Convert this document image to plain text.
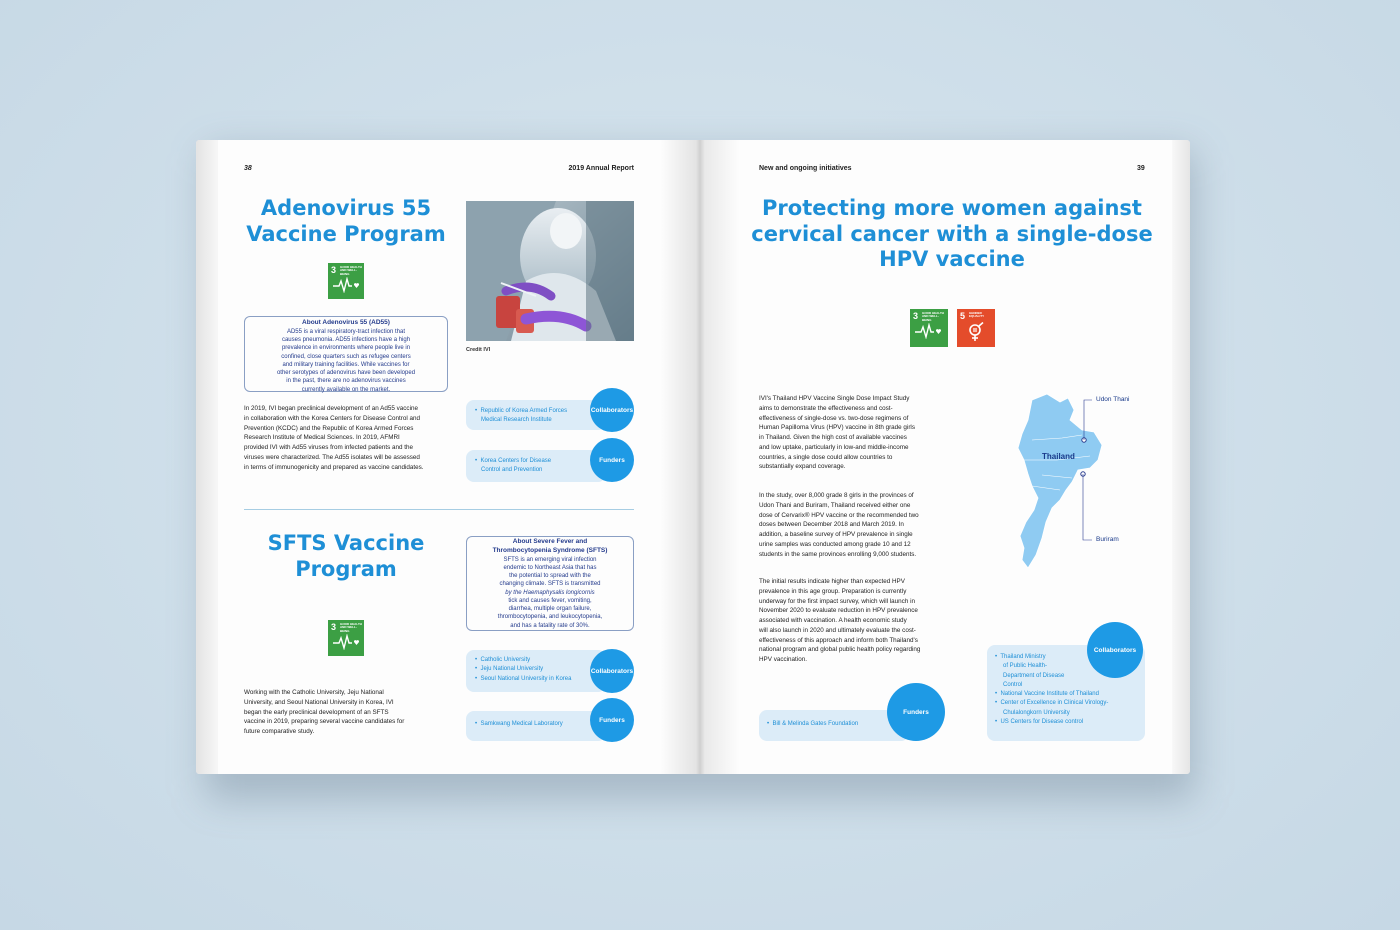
38	2019 Annual Report
Adenovirus 55
Vaccine Program
3 GOOD HEALTH AND WELL-BEING
About Adenovirus 55 (AD55)
AD55 is a viral respiratory-tract infection that
causes pneumonia. AD55 infections have a high
prevalence in environments where people live in
confined, close quarters such as refugee centers
and military training facilities. While vaccines for
other serotypes of adenovirus have been developed
in the past, there are no adenovirus vaccines
currently available on the market.
Credit IVI
In 2019, IVI began preclinical development of an Ad55 vaccine
in collaboration with the Korea Centers for Disease Control and
Prevention (KCDC) and the Republic of Korea Armed Forces
Research Institute of Medical Sciences. In 2019, AFMRI
provided IVI with Ad55 viruses from infected patients and the
viruses were characterized. The Ad55 isolates will be assessed
in terms of immunogenicity and prepared as vaccine candidates.
•  Republic of Korea Armed Forces
Medical Research Institute
Collaborators
•  Korea Centers for Disease
Control and Prevention
Funders
SFTS Vaccine
Program
3 GOOD HEALTH AND WELL-BEING
About Severe Fever and
Thrombocytopenia Syndrome (SFTS)
SFTS is an emerging viral infection
endemic to Northeast Asia that has
the potential to spread with the
changing climate. SFTS is transmitted
by the Haemaphysalis longicornis
tick and causes fever, vomiting,
diarrhea, multiple organ failure,
thrombocytopenia, and leukocytopenia,
and has a fatality rate of 30%.
•  Catholic University
•  Jeju National University
•  Seoul National University in Korea
Collaborators
•  Samkwang Medical Laboratory
Funders
Working with the Catholic University, Jeju National
University, and Seoul National University in Korea, IVI
began the early preclinical development of an SFTS
vaccine in 2019, preparing several vaccine candidates for
future comparative study.
New and ongoing initiatives	39
Protecting more women against
cervical cancer with a single-dose
HPV vaccine
3 GOOD HEALTH AND WELL-BEING	5 GENDER EQUALITY
IVI's Thailand HPV Vaccine Single Dose Impact Study
aims to demonstrate the effectiveness and cost-
effectiveness of single-dose vs. two-dose regimens of
Human Papilloma Virus (HPV) vaccine in 8th grade girls
in Thailand. Given the high cost of available vaccines
and low uptake, particularly in low-and middle-income
countries, a single dose could allow countries to
substantially expand coverage.
In the study, over 8,000 grade 8 girls in the provinces of
Udon Thani and Buriram, Thailand received either one
dose of Cervarix® HPV vaccine or the recommended two
doses between December 2018 and March 2019. In
addition, a baseline survey of HPV prevalence in single
urine samples was conducted among grade 10 and 12
students in the same provinces enrolling 9,000 students.
The initial results indicate higher than expected HPV
prevalence in this age group. Preparation is currently
underway for the first impact survey, which will launch in
November 2020 to evaluate reduction in HPV prevalence
associated with vaccination. A health economic study
will also launch in 2020 and ultimately evaluate the cost-
effectiveness of this approach and inform both Thailand's
national program and global public health policy regarding
HPV vaccination.
Thailand
Udon Thani
Buriram
•  Thailand Ministry
of Public Health-
Department of Disease
Control
•  National Vaccine Institute of Thailand
•  Center of Excellence in Clinical Virology-
Chulalongkorn University
•  US Centers for Disease control
Collaborators
•  Bill & Melinda Gates Foundation
Funders
